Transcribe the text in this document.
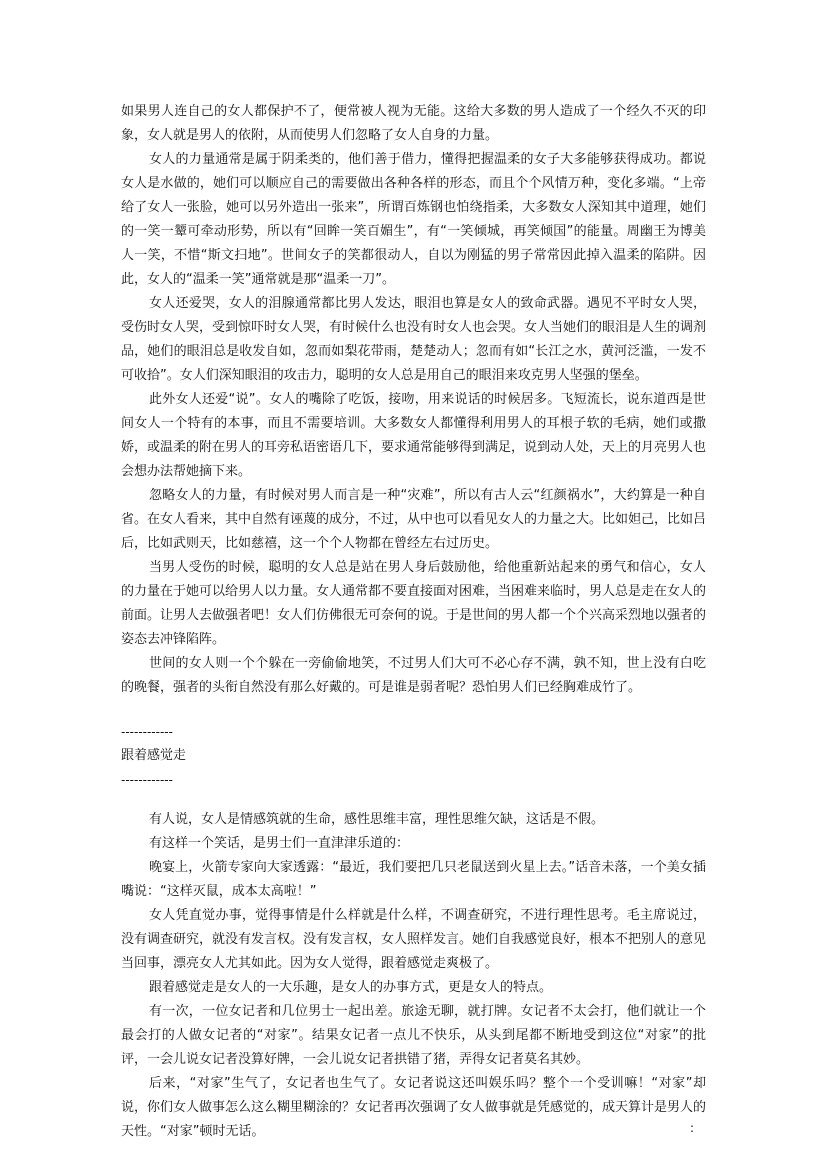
如果男人连自己的女人都保护不了，便常被人视为无能。这给大多数的男人造成了一个经久不灭的印象，女人就是男人的依附，从而使男人们忽略了女人自身的力量。

女人的力量通常是属于阴柔类的，他们善于借力，懂得把握温柔的女子大多能够获得成功。都说女人是水做的，她们可以顺应自己的需要做出各种各样的形态，而且个个风情万种，变化多端。“上帝给了女人一张脸，她可以另外造出一张来”，所谓百炼钢也怕绕指柔，大多数女人深知其中道理，她们的一笑一颦可牵动形势，所以有“回眸一笑百媚生”，有“一笑倾城，再笑倾国”的能量。周幽王为博美人一笑，不惜“斯文扫地”。世间女子的笑都很动人，自以为刚猛的男子常常因此掉入温柔的陷阱。因此，女人的“温柔一笑”通常就是那“温柔一刀”。

女人还爱哭，女人的泪腺通常都比男人发达，眼泪也算是女人的致命武器。遇见不平时女人哭，受伤时女人哭，受到惊吓时女人哭，有时候什么也没有时女人也会哭。女人当她们的眼泪是人生的调剂品，她们的眼泪总是收发自如，忽而如梨花带雨，楚楚动人；忽而有如“长江之水，黄河泛滥，一发不可收拾”。女人们深知眼泪的攻击力，聪明的女人总是用自己的眼泪来攻克男人坚强的堡垒。

此外女人还爱“说”。女人的嘴除了吃饭，接吻，用来说话的时候居多。飞短流长，说东道西是世间女人一个特有的本事，而且不需要培训。大多数女人都懂得利用男人的耳根子软的毛病，她们或撒娇，或温柔的附在男人的耳旁私语密语几下，要求通常能够得到满足，说到动人处，天上的月亮男人也会想办法帮她摘下来。

忽略女人的力量，有时候对男人而言是一种“灾难”，所以有古人云“红颜祸水”，大约算是一种自省。在女人看来，其中自然有诬蔑的成分，不过，从中也可以看见女人的力量之大。比如妲己，比如吕后，比如武则天，比如慈禧，这一个个人物都在曾经左右过历史。

当男人受伤的时候，聪明的女人总是站在男人身后鼓励他，给他重新站起来的勇气和信心，女人的力量在于她可以给男人以力量。女人通常都不要直接面对困难，当困难来临时，男人总是走在女人的前面。让男人去做强者吧！女人们仿佛很无可奈何的说。于是世间的男人都一个个兴高采烈地以强者的姿态去冲锋陷阵。

世间的女人则一个个躲在一旁偷偷地笑，不过男人们大可不必心存不满，孰不知，世上没有白吃的晚餐，强者的头衔自然没有那么好戴的。可是谁是弱者呢？恐怕男人们已经胸难成竹了。

------------

跟着感觉走

------------

有人说，女人是情感筑就的生命，感性思维丰富，理性思维欠缺，这话是不假。

有这样一个笑话，是男士们一直津津乐道的：

晚宴上，火箭专家向大家透露：“最近，我们要把几只老鼠送到火星上去。”话音未落，一个美女插嘴说：“这样灭鼠，成本太高啦！”

女人凭直觉办事，觉得事情是什么样就是什么样，不调查研究，不进行理性思考。毛主席说过，没有调查研究，就没有发言权。没有发言权，女人照样发言。她们自我感觉良好，根本不把别人的意见当回事，漂亮女人尤其如此。因为女人觉得，跟着感觉走爽极了。

跟着感觉走是女人的一大乐趣，是女人的办事方式，更是女人的特点。

有一次，一位女记者和几位男士一起出差。旅途无聊，就打牌。女记者不太会打，他们就让一个最会打的人做女记者的“对家”。结果女记者一点儿不快乐，从头到尾都不断地受到这位“对家”的批评，一会儿说女记者没算好牌，一会儿说女记者拱错了猪，弄得女记者莫名其妙。

后来，“对家”生气了，女记者也生气了。女记者说这还叫娱乐吗？整个一个受训嘛！“对家”却说，你们女人做事怎么这么糊里糊涂的？女记者再次强调了女人做事就是凭感觉的，成天算计是男人的天性。“对家”顿时无话。	:
